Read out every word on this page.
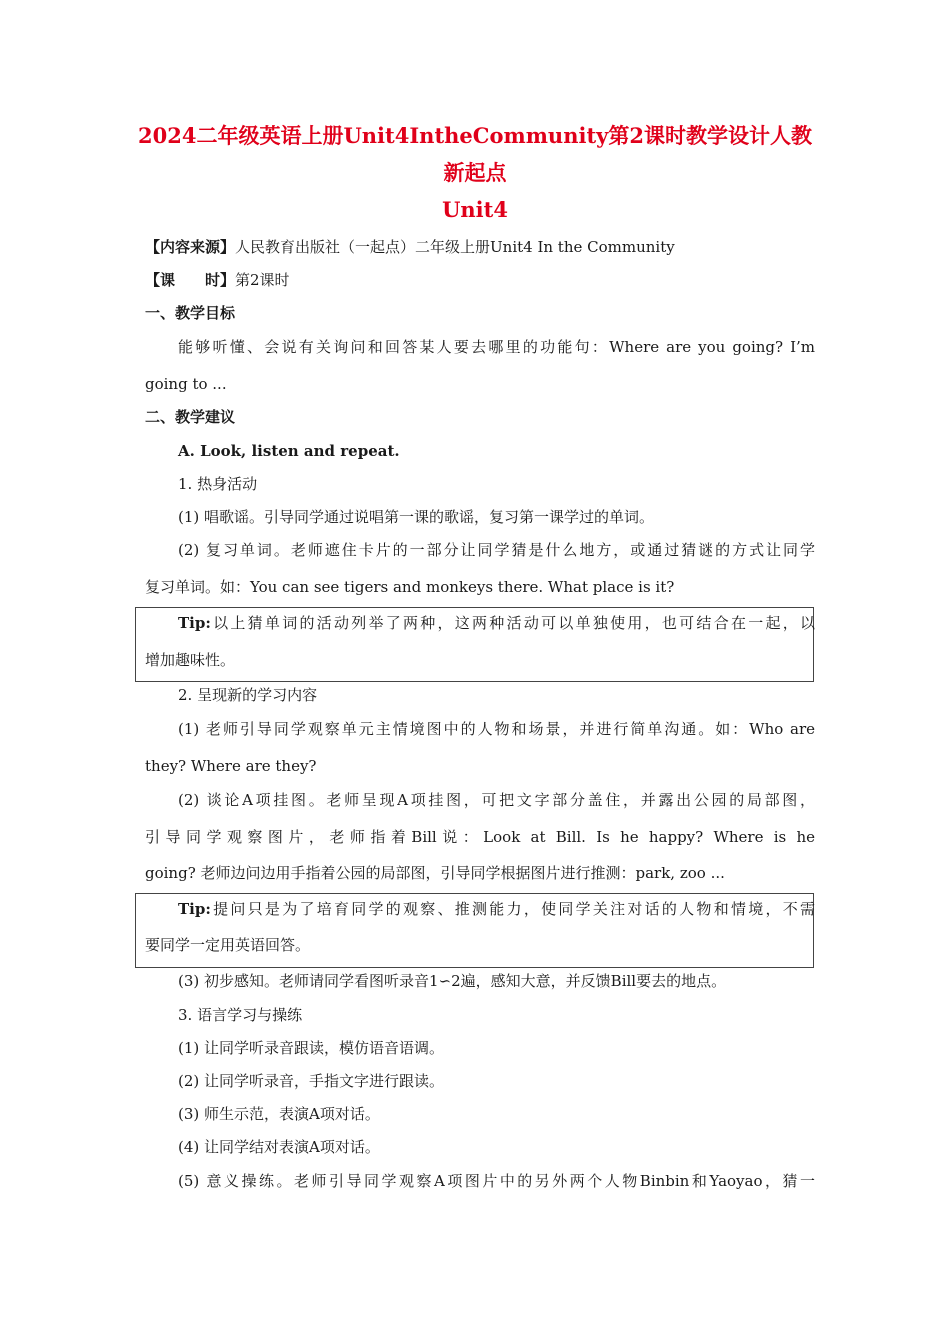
2024二年级英语上册Unit4IntheCommunity第2课时教学设计人教
新起点
Unit4
【内容来源】人民教育出版社（一起点）二年级上册Unit4 In the Community
【课　　时】第2课时
一、教学目标
能够听懂、会说有关询问和回答某人要去哪里的功能句：Where are you going? I’m
going to ...
二、教学建议
A. Look, listen and repeat.
1. 热身活动
(1) 唱歌谣。引导同学通过说唱第一课的歌谣，复习第一课学过的单词。
(2) 复习单词。老师遮住卡片的一部分让同学猜是什么地方，或通过猜谜的方式让同学
复习单词。如：You can see tigers and monkeys there. What place is it?
Tip:以上猜单词的活动列举了两种，这两种活动可以单独使用，也可结合在一起，以
增加趣味性。
2. 呈现新的学习内容
(1) 老师引导同学观察单元主情境图中的人物和场景，并进行简单沟通。如：Who are
they? Where are they?
(2) 谈论A项挂图。老师呈现A项挂图，可把文字部分盖住，并露出公园的局部图，
引导同学观察图片，老师指着Bill说：Look at Bill. Is he happy? Where is he
going? 老师边问边用手指着公园的局部图，引导同学根据图片进行推测：park, zoo ...
Tip:提问只是为了培育同学的观察、推测能力，使同学关注对话的人物和情境，不需
要同学一定用英语回答。
(3) 初步感知。老师请同学看图听录音1∽2遍，感知大意，并反馈Bill要去的地点。
3. 语言学习与操练
(1) 让同学听录音跟读，模仿语音语调。
(2) 让同学听录音，手指文字进行跟读。
(3) 师生示范，表演A项对话。
(4) 让同学结对表演A项对话。
(5) 意义操练。老师引导同学观察A项图片中的另外两个人物Binbin和Yaoyao，猜一
